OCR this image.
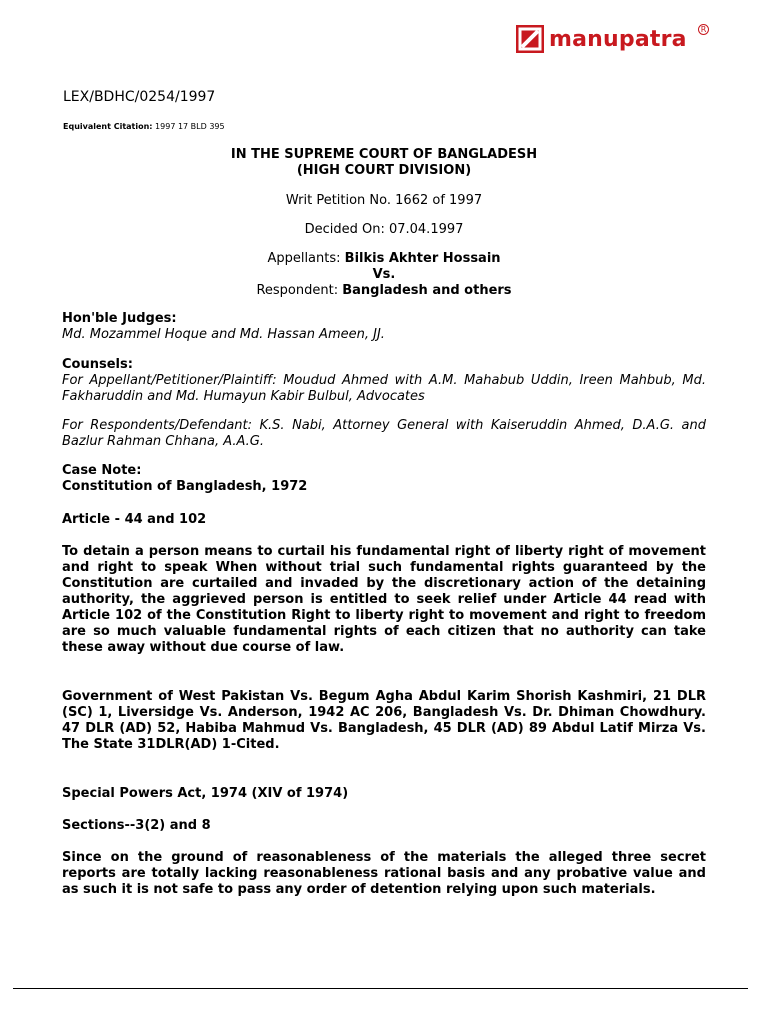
manupatra	R
LEX/BDHC/0254/1997
Equivalent Citation: 1997 17 BLD 395
IN THE SUPREME COURT OF BANGLADESH
(HIGH COURT DIVISION)
Writ Petition No. 1662 of 1997
Decided On: 07.04.1997
Appellants: Bilkis Akhter Hossain
Vs.
Respondent: Bangladesh and others
Hon'ble Judges:
Md. Mozammel Hoque and Md. Hassan Ameen, JJ.
Counsels:
For Appellant/Petitioner/Plaintiff: Moudud Ahmed with A.M. Mahabub Uddin, Ireen Mahbub, Md. Fakharuddin and Md. Humayun Kabir Bulbul, Advocates
For Respondents/Defendant: K.S. Nabi, Attorney General with Kaiseruddin Ahmed, D.A.G. and Bazlur Rahman Chhana, A.A.G.
Case Note:
Constitution of Bangladesh, 1972
Article - 44 and 102
To detain a person means to curtail his fundamental right of liberty right of movement and right to speak When without trial such fundamental rights guaranteed by the Constitution are curtailed and invaded by the discretionary action of the detaining authority, the aggrieved person is entitled to seek relief under Article 44 read with Article 102 of the Constitution Right to liberty right to movement and right to freedom are so much valuable fundamental rights of each citizen that no authority can take these away without due course of law.
Government of West Pakistan Vs. Begum Agha Abdul Karim Shorish Kashmiri, 21 DLR (SC) 1, Liversidge Vs. Anderson, 1942 AC 206, Bangladesh Vs. Dr. Dhiman Chowdhury. 47 DLR (AD) 52, Habiba Mahmud Vs. Bangladesh, 45 DLR (AD) 89 Abdul Latif Mirza Vs. The State 31DLR(AD) 1-Cited.
Special Powers Act, 1974 (XIV of 1974)
Sections--3(2) and 8
Since on the ground of reasonableness of the materials the alleged three secret reports are totally lacking reasonableness rational basis and any probative value and as such it is not safe to pass any order of detention relying upon such materials.
